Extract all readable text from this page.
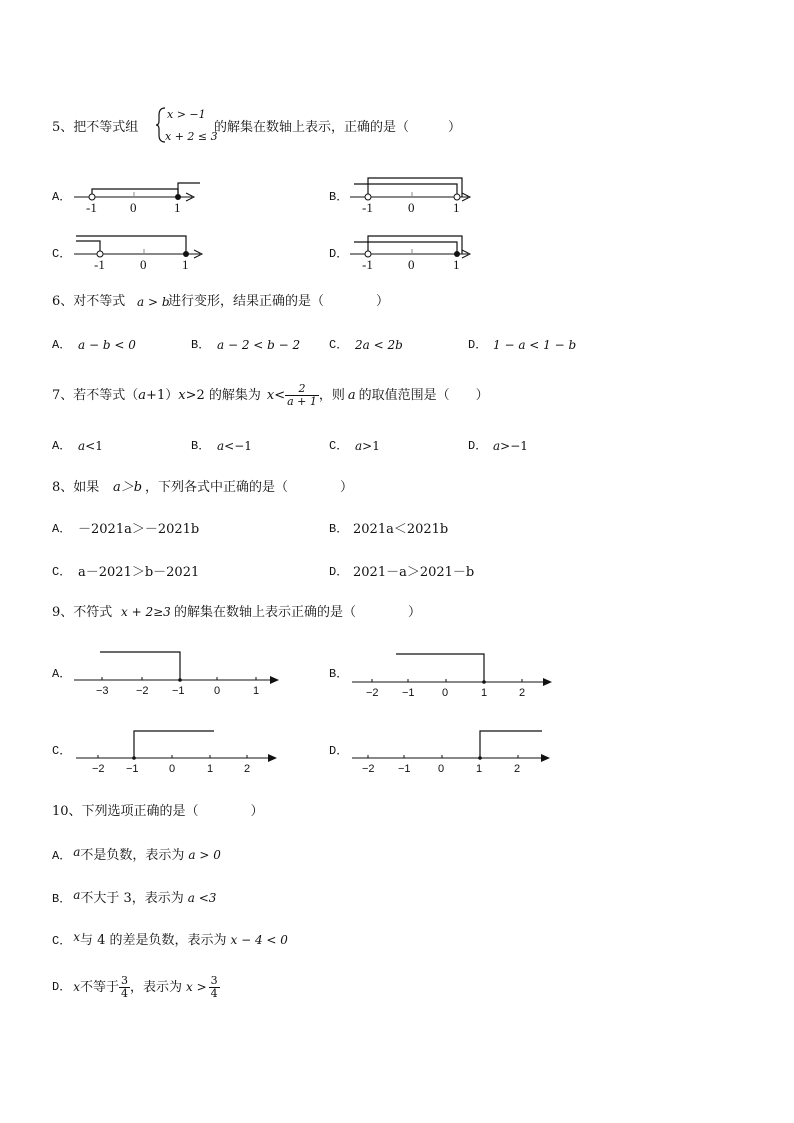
5、把不等式组
x > −1
x + 2 ≤ 3
的解集在数轴上表示，正确的是（　　　）
A．
-1	0	1
B．
-1	0	1
C．
-1	0	1
D．
-1	0	1
6、对不等式 a > b
进行变形，结果正确的是（　　　　）
A． a − b < 0	B． a − 2 < b − 2 C． 2a < 2b	D． 1 − a < 1 − b
7、若不等式（ a +1） x >2 的解集为 $x < \frac{2}{a + 1}$ ，则 a 的取值范围是（　　）
A． a<1	B． a<−1	C． a>1	D． a>−1
8、如果 a＞b ，下列各式中正确的是（　　　　）
A． －2021a＞－2021b	B． 2021a＜2021b
C． a－2021＞b－2021	D． 2021－a＞2021－b
9、不符式 x + 2≥3 的解集在数轴上表示正确的是（　　　　）
A．
−3 −2 −1	0	1
B．
−2 −1 0	1	2
C．
−2 −1	0	1	2
D．
−2 −1 0	1	2
10、下列选项正确的是（　　　　）
A． a不是负数，表示为 a > 0
B． a不大于 3，表示为 a <3
C． x与 4 的差是负数，表示为 x − 4 < 0
D． x 不等于 $\frac{3}{4}$ ，表示为 $x > \frac{3}{4}$
